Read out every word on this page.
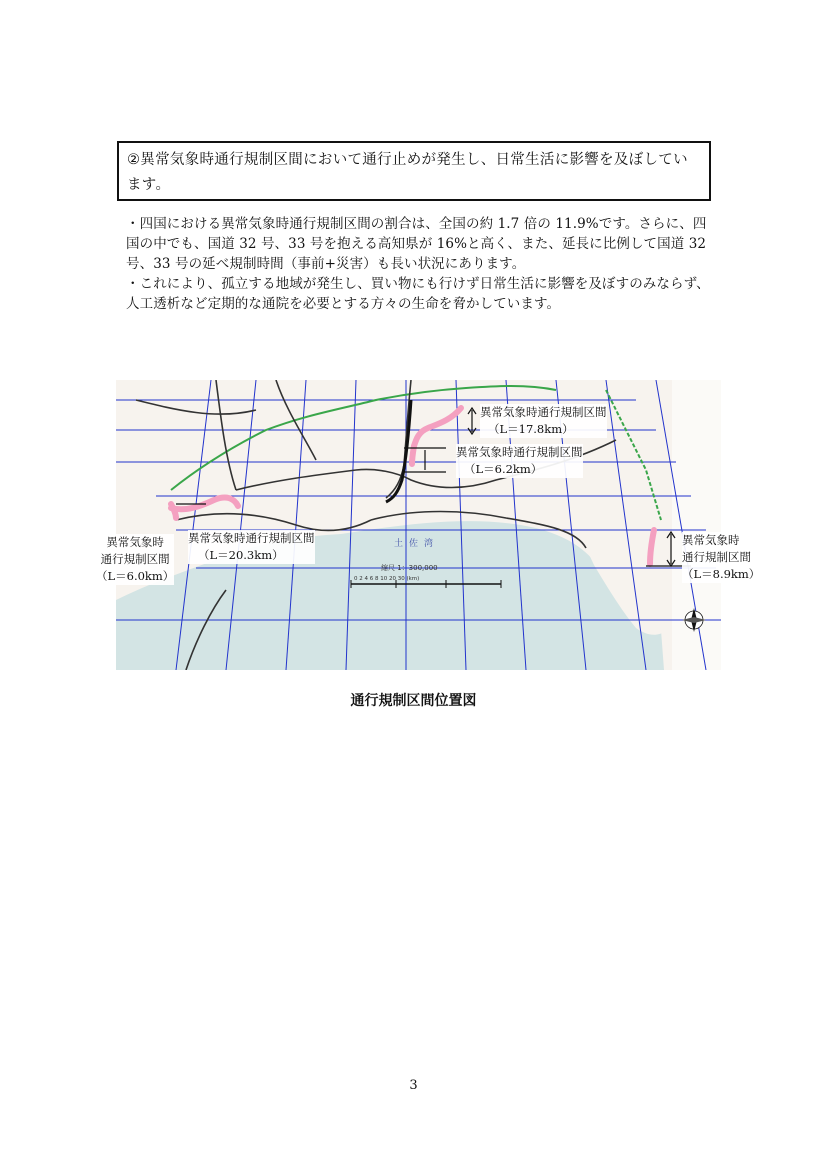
②異常気象時通行規制区間において通行止めが発生し、日常生活に影響を及ぼしています。

・四国における異常気象時通行規制区間の割合は、全国の約 1.7 倍の 11.9%です。さらに、四国の中でも、国道 32 号、33 号を抱える高知県が 16%と高く、また、延長に比例して国道 32 号、33 号の延べ規制時間（事前+災害）も長い状況にあります。

・これにより、孤立する地域が発生し、買い物にも行けず日常生活に影響を及ぼすのみならず、人工透析など定期的な通院を必要とする方々の生命を脅かしています。

縮尺 1：300,000
0 2 4 6 8 10 20 30 (km)
土佐湾
異常気象時通行規制区間
（L＝17.8km）
異常気象時通行規制区間
（L＝6.2km）
異常気象時通行規制区間
（L＝20.3km）
異常気象時
通行規制区間
（L＝6.0km）
異常気象時
通行規制区間
（L＝8.9km）
通行規制区間位置図
3
